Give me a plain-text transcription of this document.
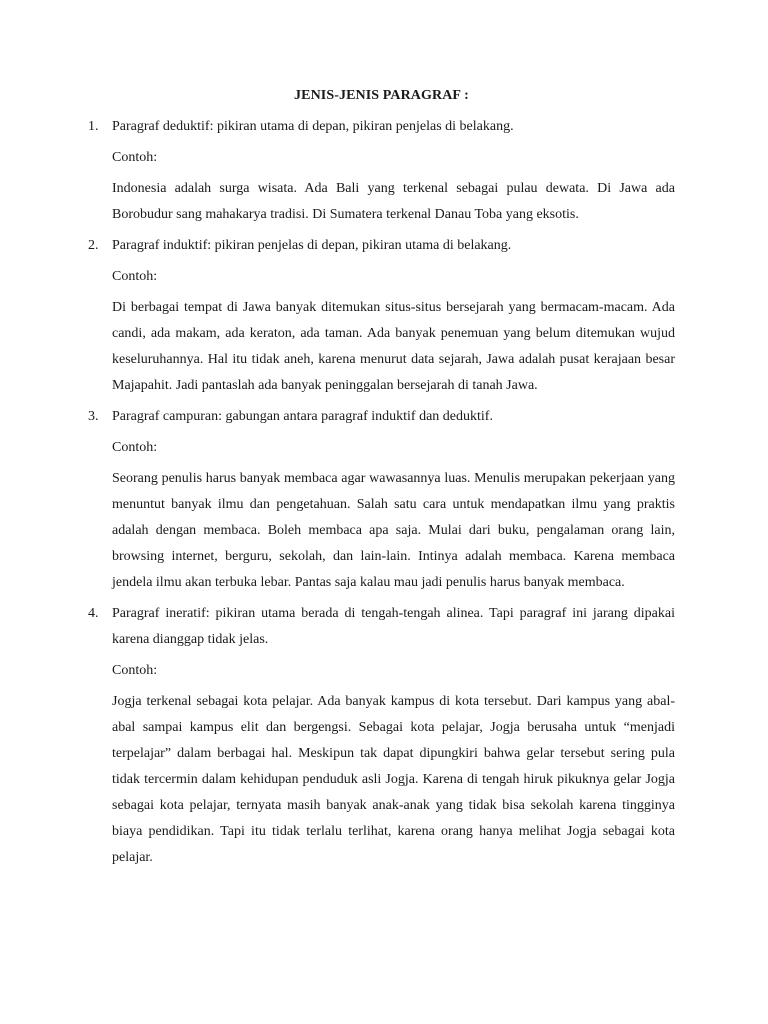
JENIS-JENIS PARAGRAF :
1. Paragraf deduktif: pikiran utama di depan, pikiran penjelas di belakang.

Contoh:

Indonesia adalah surga wisata. Ada Bali yang terkenal sebagai pulau dewata. Di Jawa ada Borobudur sang mahakarya tradisi. Di Sumatera terkenal Danau Toba yang eksotis.

2. Paragraf induktif: pikiran penjelas di depan, pikiran utama di belakang.

Contoh:

Di berbagai tempat di Jawa banyak ditemukan situs-situs bersejarah yang bermacam-macam. Ada candi, ada makam, ada keraton, ada taman. Ada banyak penemuan yang belum ditemukan wujud keseluruhannya. Hal itu tidak aneh, karena menurut data sejarah, Jawa adalah pusat kerajaan besar Majapahit. Jadi pantaslah ada banyak peninggalan bersejarah di tanah Jawa.

3. Paragraf campuran: gabungan antara paragraf induktif dan deduktif.

Contoh:

Seorang penulis harus banyak membaca agar wawasannya luas. Menulis merupakan pekerjaan yang menuntut banyak ilmu dan pengetahuan. Salah satu cara untuk mendapatkan ilmu yang praktis adalah dengan membaca. Boleh membaca apa saja. Mulai dari buku, pengalaman orang lain, browsing internet, berguru, sekolah, dan lain-lain. Intinya adalah membaca. Karena membaca jendela ilmu akan terbuka lebar. Pantas saja kalau mau jadi penulis harus banyak membaca.

4. Paragraf ineratif: pikiran utama berada di tengah-tengah alinea. Tapi paragraf ini jarang dipakai karena dianggap tidak jelas.

Contoh:

Jogja terkenal sebagai kota pelajar. Ada banyak kampus di kota tersebut. Dari kampus yang abal-abal sampai kampus elit dan bergengsi. Sebagai kota pelajar, Jogja berusaha untuk “menjadi terpelajar” dalam berbagai hal. Meskipun tak dapat dipungkiri bahwa gelar tersebut sering pula tidak tercermin dalam kehidupan penduduk asli Jogja. Karena di tengah hiruk pikuknya gelar Jogja sebagai kota pelajar, ternyata masih banyak anak-anak yang tidak bisa sekolah karena tingginya biaya pendidikan. Tapi itu tidak terlalu terlihat, karena orang hanya melihat Jogja sebagai kota pelajar.
